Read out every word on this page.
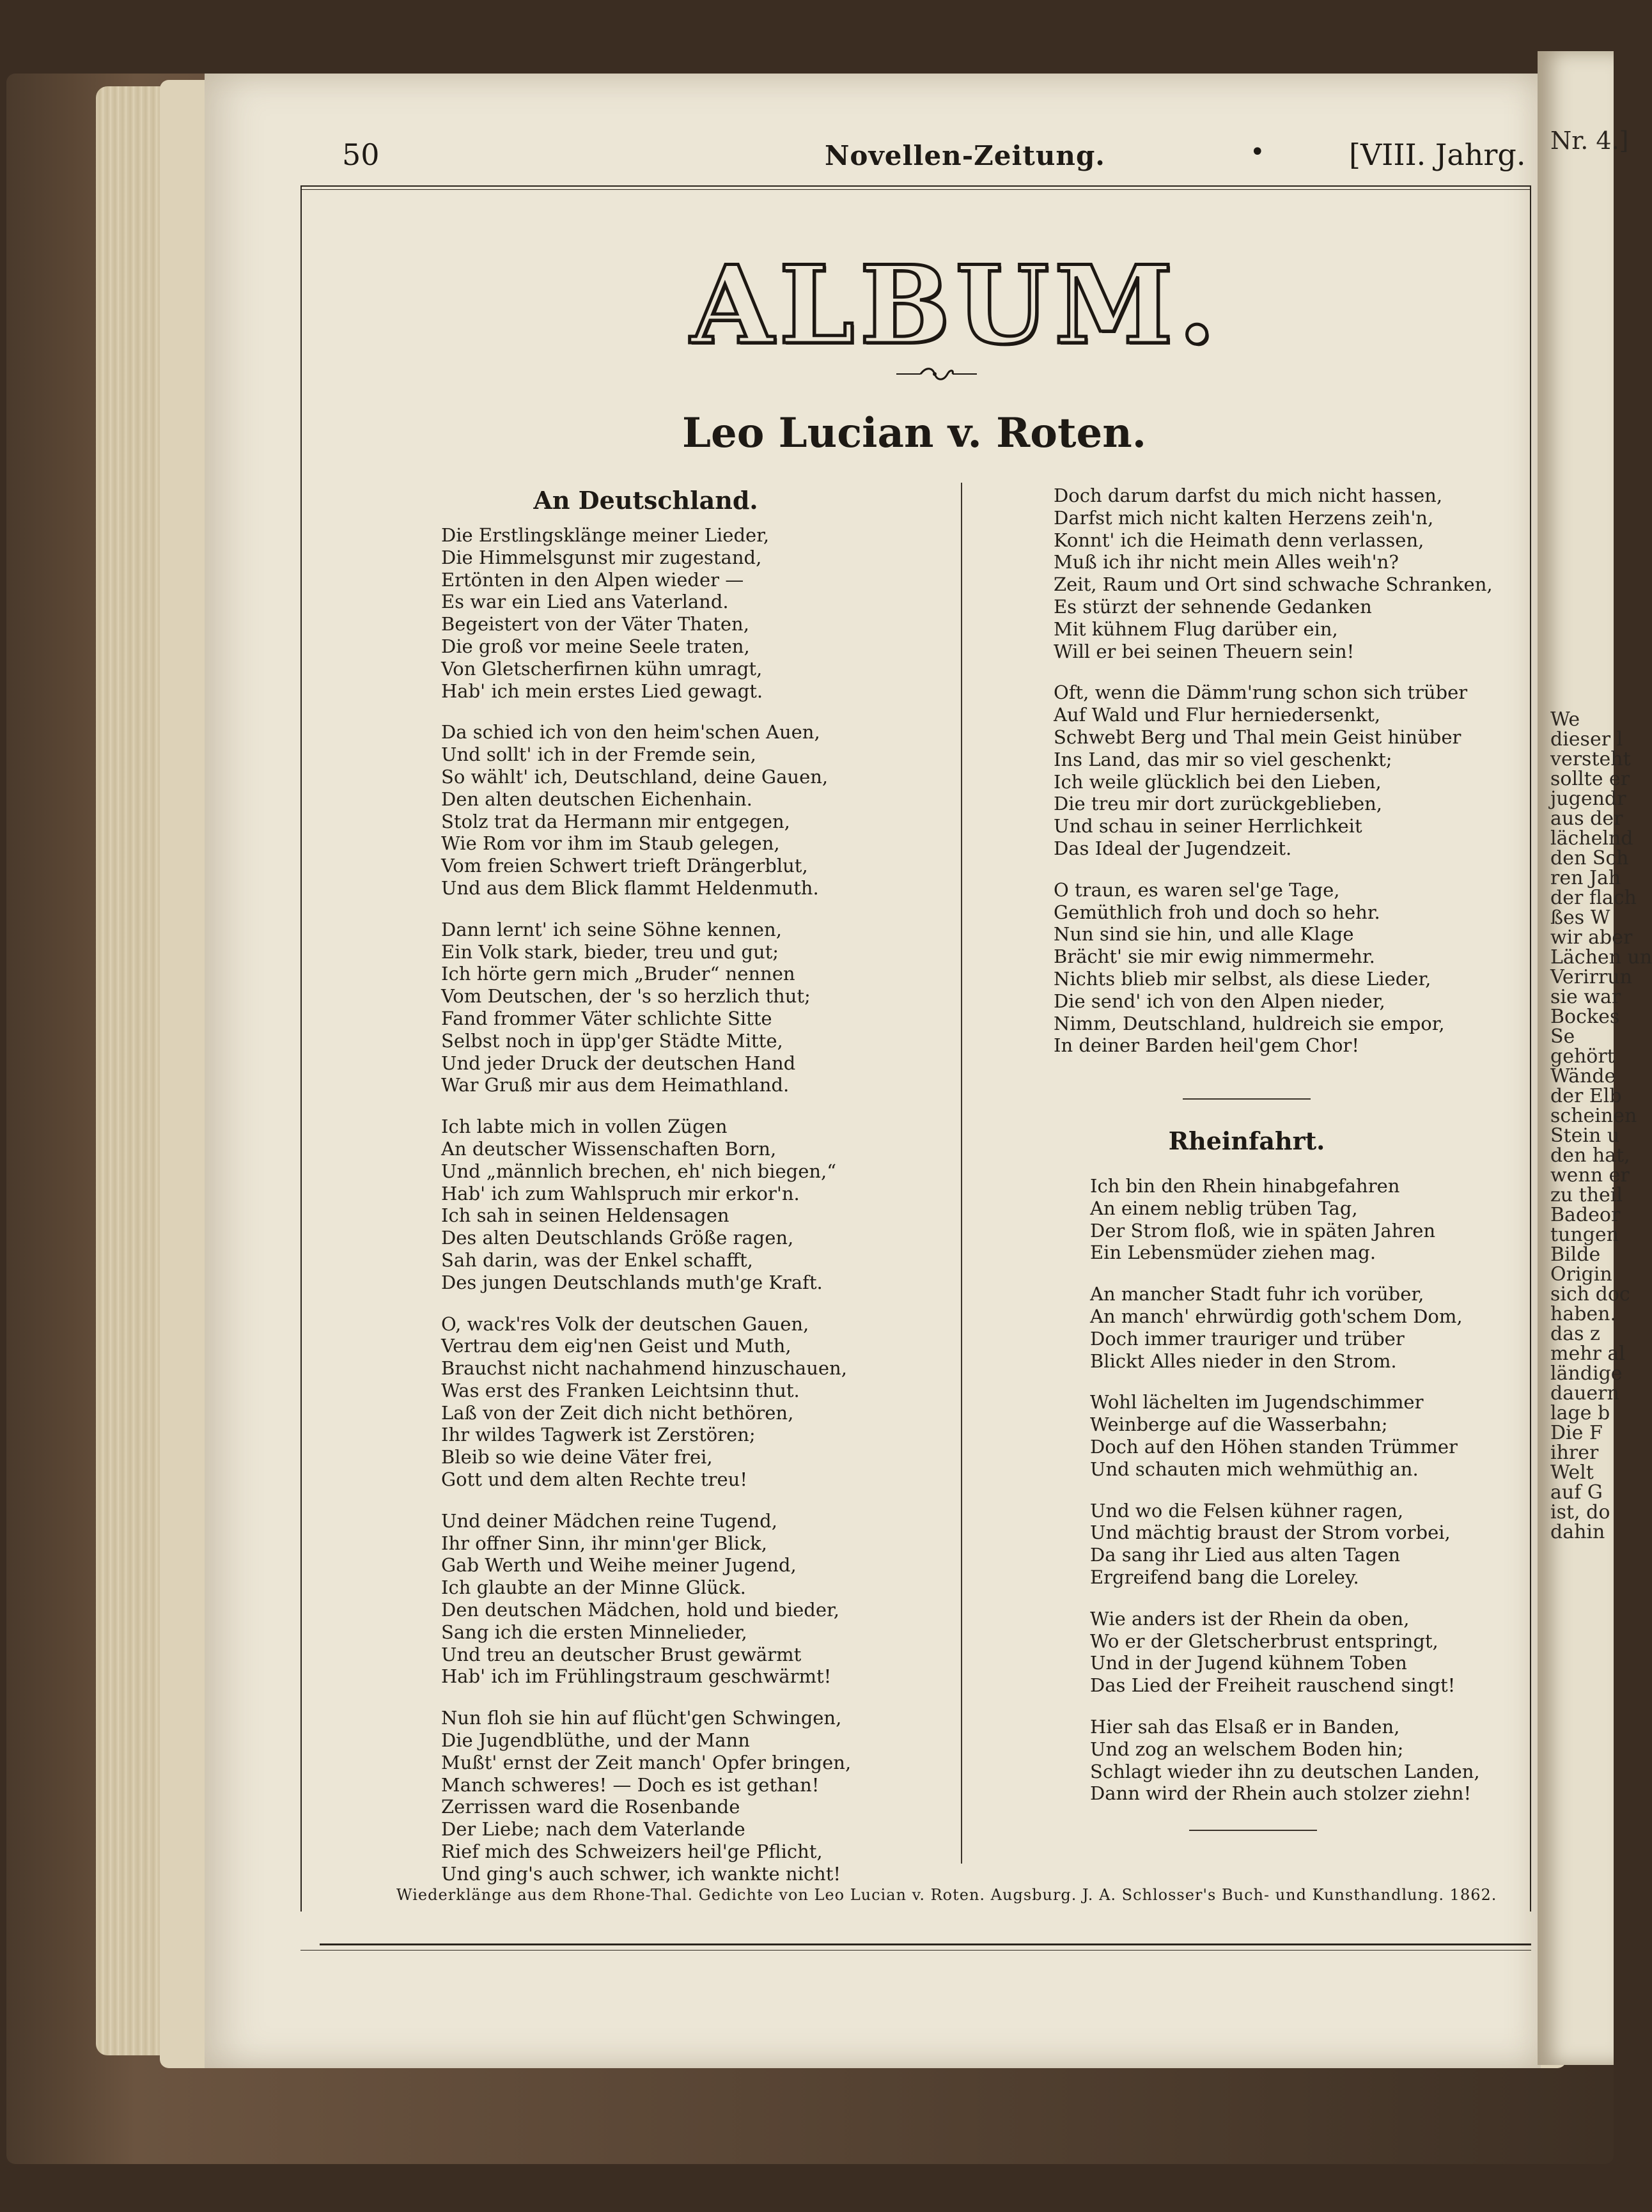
Nr. 4.]
We
dieser l
versteht
sollte er
jugendr
aus der
lächelnd
den Sch
ren Jah
der flach
ßes W
wir aber
Lächen un
Verirrun
sie war
Bockes
Se
gehört
Wände
der Elb
scheinen
Stein u
den hat,
wenn er
zu theil
Badeor
tungen
Bilde
Origin
sich doc
haben.
das z
mehr al
ländige
dauern
lage b
Die F
ihrer
Welt
auf G
ist, do
dahin
50	Novellen-Zeitung.	•	[VIII. Jahrg.
ALBUM.
Leo Lucian v. Roten.
An Deutschland.
Die Erstlingsklänge meiner Lieder,
Die Himmelsgunst mir zugestand,
Ertönten in den Alpen wieder —
Es war ein Lied ans Vaterland.
Begeistert von der Väter Thaten,
Die groß vor meine Seele traten,
Von Gletscherfirnen kühn umragt,
Hab' ich mein erstes Lied gewagt.
Da schied ich von den heim'schen Auen,
Und sollt' ich in der Fremde sein,
So wählt' ich, Deutschland, deine Gauen,
Den alten deutschen Eichenhain.
Stolz trat da Hermann mir entgegen,
Wie Rom vor ihm im Staub gelegen,
Vom freien Schwert trieft Drängerblut,
Und aus dem Blick flammt Heldenmuth.
Dann lernt' ich seine Söhne kennen,
Ein Volk stark, bieder, treu und gut;
Ich hörte gern mich „Bruder“ nennen
Vom Deutschen, der 's so herzlich thut;
Fand frommer Väter schlichte Sitte
Selbst noch in üpp'ger Städte Mitte,
Und jeder Druck der deutschen Hand
War Gruß mir aus dem Heimathland.
Ich labte mich in vollen Zügen
An deutscher Wissenschaften Born,
Und „männlich brechen, eh' nich biegen,“
Hab' ich zum Wahlspruch mir erkor'n.
Ich sah in seinen Heldensagen
Des alten Deutschlands Größe ragen,
Sah darin, was der Enkel schafft,
Des jungen Deutschlands muth'ge Kraft.
O, wack'res Volk der deutschen Gauen,
Vertrau dem eig'nen Geist und Muth,
Brauchst nicht nachahmend hinzuschauen,
Was erst des Franken Leichtsinn thut.
Laß von der Zeit dich nicht bethören,
Ihr wildes Tagwerk ist Zerstören;
Bleib so wie deine Väter frei,
Gott und dem alten Rechte treu!
Und deiner Mädchen reine Tugend,
Ihr offner Sinn, ihr minn'ger Blick,
Gab Werth und Weihe meiner Jugend,
Ich glaubte an der Minne Glück.
Den deutschen Mädchen, hold und bieder,
Sang ich die ersten Minnelieder,
Und treu an deutscher Brust gewärmt
Hab' ich im Frühlingstraum geschwärmt!
Nun floh sie hin auf flücht'gen Schwingen,
Die Jugendblüthe, und der Mann
Mußt' ernst der Zeit manch' Opfer bringen,
Manch schweres! — Doch es ist gethan!
Zerrissen ward die Rosenbande
Der Liebe; nach dem Vaterlande
Rief mich des Schweizers heil'ge Pflicht,
Und ging's auch schwer, ich wankte nicht!
Doch darum darfst du mich nicht hassen,
Darfst mich nicht kalten Herzens zeih'n,
Konnt' ich die Heimath denn verlassen,
Muß ich ihr nicht mein Alles weih'n?
Zeit, Raum und Ort sind schwache Schranken,
Es stürzt der sehnende Gedanken
Mit kühnem Flug darüber ein,
Will er bei seinen Theuern sein!
Oft, wenn die Dämm'rung schon sich trüber
Auf Wald und Flur herniedersenkt,
Schwebt Berg und Thal mein Geist hinüber
Ins Land, das mir so viel geschenkt;
Ich weile glücklich bei den Lieben,
Die treu mir dort zurückgeblieben,
Und schau in seiner Herrlichkeit
Das Ideal der Jugendzeit.
O traun, es waren sel'ge Tage,
Gemüthlich froh und doch so hehr.
Nun sind sie hin, und alle Klage
Brächt' sie mir ewig nimmermehr.
Nichts blieb mir selbst, als diese Lieder,
Die send' ich von den Alpen nieder,
Nimm, Deutschland, huldreich sie empor,
In deiner Barden heil'gem Chor!
Rheinfahrt.
Ich bin den Rhein hinabgefahren
An einem neblig trüben Tag,
Der Strom floß, wie in späten Jahren
Ein Lebensmüder ziehen mag.
An mancher Stadt fuhr ich vorüber,
An manch' ehrwürdig goth'schem Dom,
Doch immer trauriger und trüber
Blickt Alles nieder in den Strom.
Wohl lächelten im Jugendschimmer
Weinberge auf die Wasserbahn;
Doch auf den Höhen standen Trümmer
Und schauten mich wehmüthig an.
Und wo die Felsen kühner ragen,
Und mächtig braust der Strom vorbei,
Da sang ihr Lied aus alten Tagen
Ergreifend bang die Loreley.
Wie anders ist der Rhein da oben,
Wo er der Gletscherbrust entspringt,
Und in der Jugend kühnem Toben
Das Lied der Freiheit rauschend singt!
Hier sah das Elsaß er in Banden,
Und zog an welschem Boden hin;
Schlagt wieder ihn zu deutschen Landen,
Dann wird der Rhein auch stolzer ziehn!
Wiederklänge aus dem Rhone-Thal. Gedichte von Leo Lucian v. Roten. Augsburg. J. A. Schlosser's Buch- und Kunsthandlung. 1862.
